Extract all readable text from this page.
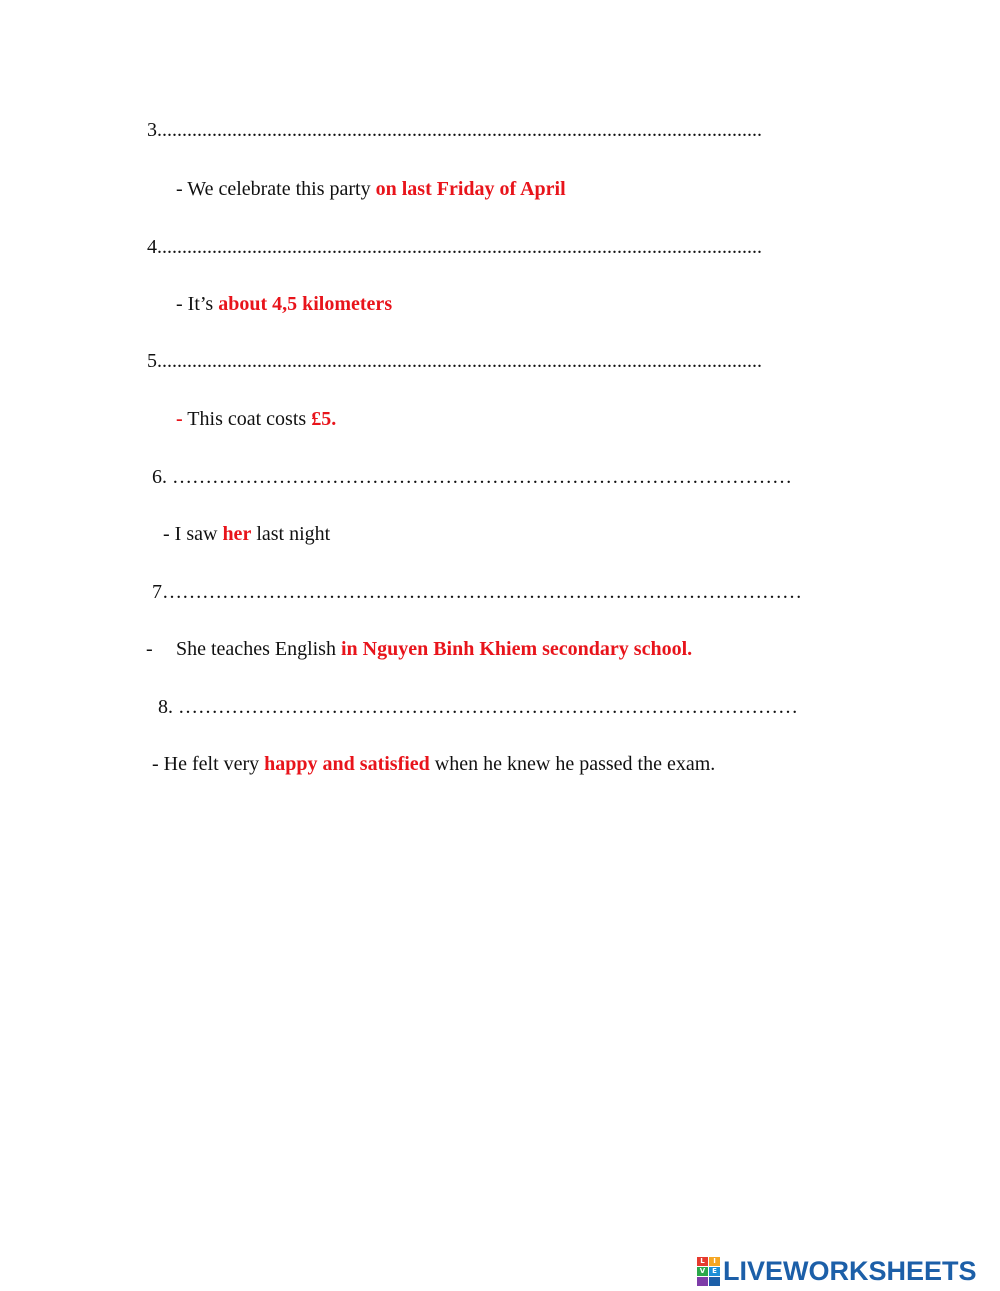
3.........................................................................................................................
- We celebrate this party on last Friday of April
4.........................................................................................................................
- It’s about 4,5 kilometers
5.........................................................................................................................
- This coat costs £5.
6. …………………………………………………………………………………
- I saw her last night
7……………………………………………………………………………………
- She teaches English in Nguyen Binh Khiem secondary school.
8. …………………………………………………………………………………
- He felt very happy and satisfied when he knew he passed the exam.
L	I
V E LIVEWORKSHEETS
